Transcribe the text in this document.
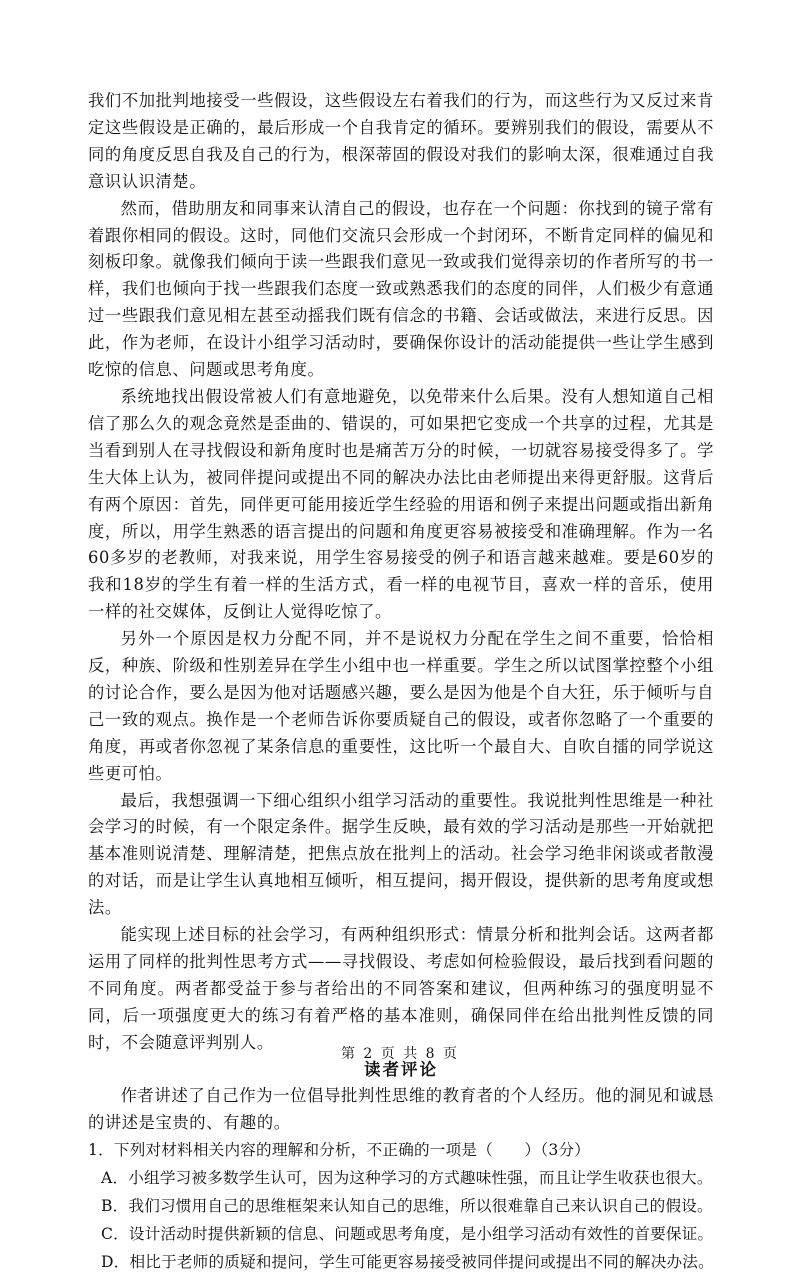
我们不加批判地接受一些假设，这些假设左右着我们的行为，而这些行为又反过来肯定这些假设是正确的，最后形成一个自我肯定的循环。要辨别我们的假设，需要从不同的角度反思自我及自己的行为，根深蒂固的假设对我们的影响太深，很难通过自我意识认识清楚。

然而，借助朋友和同事来认清自己的假设，也存在一个问题：你找到的镜子常有着跟你相同的假设。这时，同他们交流只会形成一个封闭环，不断肯定同样的偏见和刻板印象。就像我们倾向于读一些跟我们意见一致或我们觉得亲切的作者所写的书一样，我们也倾向于找一些跟我们态度一致或熟悉我们的态度的同伴，人们极少有意通过一些跟我们意见相左甚至动摇我们既有信念的书籍、会话或做法，来进行反思。因此，作为老师，在设计小组学习活动时，要确保你设计的活动能提供一些让学生感到吃惊的信息、问题或思考角度。

系统地找出假设常被人们有意地避免，以免带来什么后果。没有人想知道自己相信了那么久的观念竟然是歪曲的、错误的，可如果把它变成一个共享的过程，尤其是当看到别人在寻找假设和新角度时也是痛苦万分的时候，一切就容易接受得多了。学生大体上认为，被同伴提问或提出不同的解决办法比由老师提出来得更舒服。这背后有两个原因：首先，同伴更可能用接近学生经验的用语和例子来提出问题或指出新角度，所以，用学生熟悉的语言提出的问题和角度更容易被接受和准确理解。作为一名60多岁的老教师，对我来说，用学生容易接受的例子和语言越来越难。要是60岁的我和18岁的学生有着一样的生活方式，看一样的电视节目，喜欢一样的音乐，使用一样的社交媒体，反倒让人觉得吃惊了。

另外一个原因是权力分配不同，并不是说权力分配在学生之间不重要，恰恰相反，种族、阶级和性别差异在学生小组中也一样重要。学生之所以试图掌控整个小组的讨论合作，要么是因为他对话题感兴趣，要么是因为他是个自大狂，乐于倾听与自己一致的观点。换作是一个老师告诉你要质疑自己的假设，或者你忽略了一个重要的角度，再或者你忽视了某条信息的重要性，这比听一个最自大、自吹自擂的同学说这些更可怕。

最后，我想强调一下细心组织小组学习活动的重要性。我说批判性思维是一种社会学习的时候，有一个限定条件。据学生反映，最有效的学习活动是那些一开始就把基本准则说清楚、理解清楚，把焦点放在批判上的活动。社会学习绝非闲谈或者散漫的对话，而是让学生认真地相互倾听，相互提问，揭开假设，提供新的思考角度或想法。

能实现上述目标的社会学习，有两种组织形式：情景分析和批判会话。这两者都运用了同样的批判性思考方式——寻找假设、考虑如何检验假设，最后找到看问题的不同角度。两者都受益于参与者给出的不同答案和建议，但两种练习的强度明显不同，后一项强度更大的练习有着严格的基本准则，确保同伴在给出批判性反馈的同时，不会随意评判别人。

读者评论

作者讲述了自己作为一位倡导批判性思维的教育者的个人经历。他的洞见和诚恳的讲述是宝贵的、有趣的。

1．下列对材料相关内容的理解和分析，不正确的一项是（　　）（3分）

A．小组学习被多数学生认可，因为这种学习的方式趣味性强，而且让学生收获也很大。

B．我们习惯用自己的思维框架来认知自己的思维，所以很难靠自己来认识自己的假设。

C．设计活动时提供新颖的信息、问题或思考角度，是小组学习活动有效性的首要保证。

D．相比于老师的质疑和提问，学生可能更容易接受被同伴提问或提出不同的解决办法。

第 2 页 共 8 页
